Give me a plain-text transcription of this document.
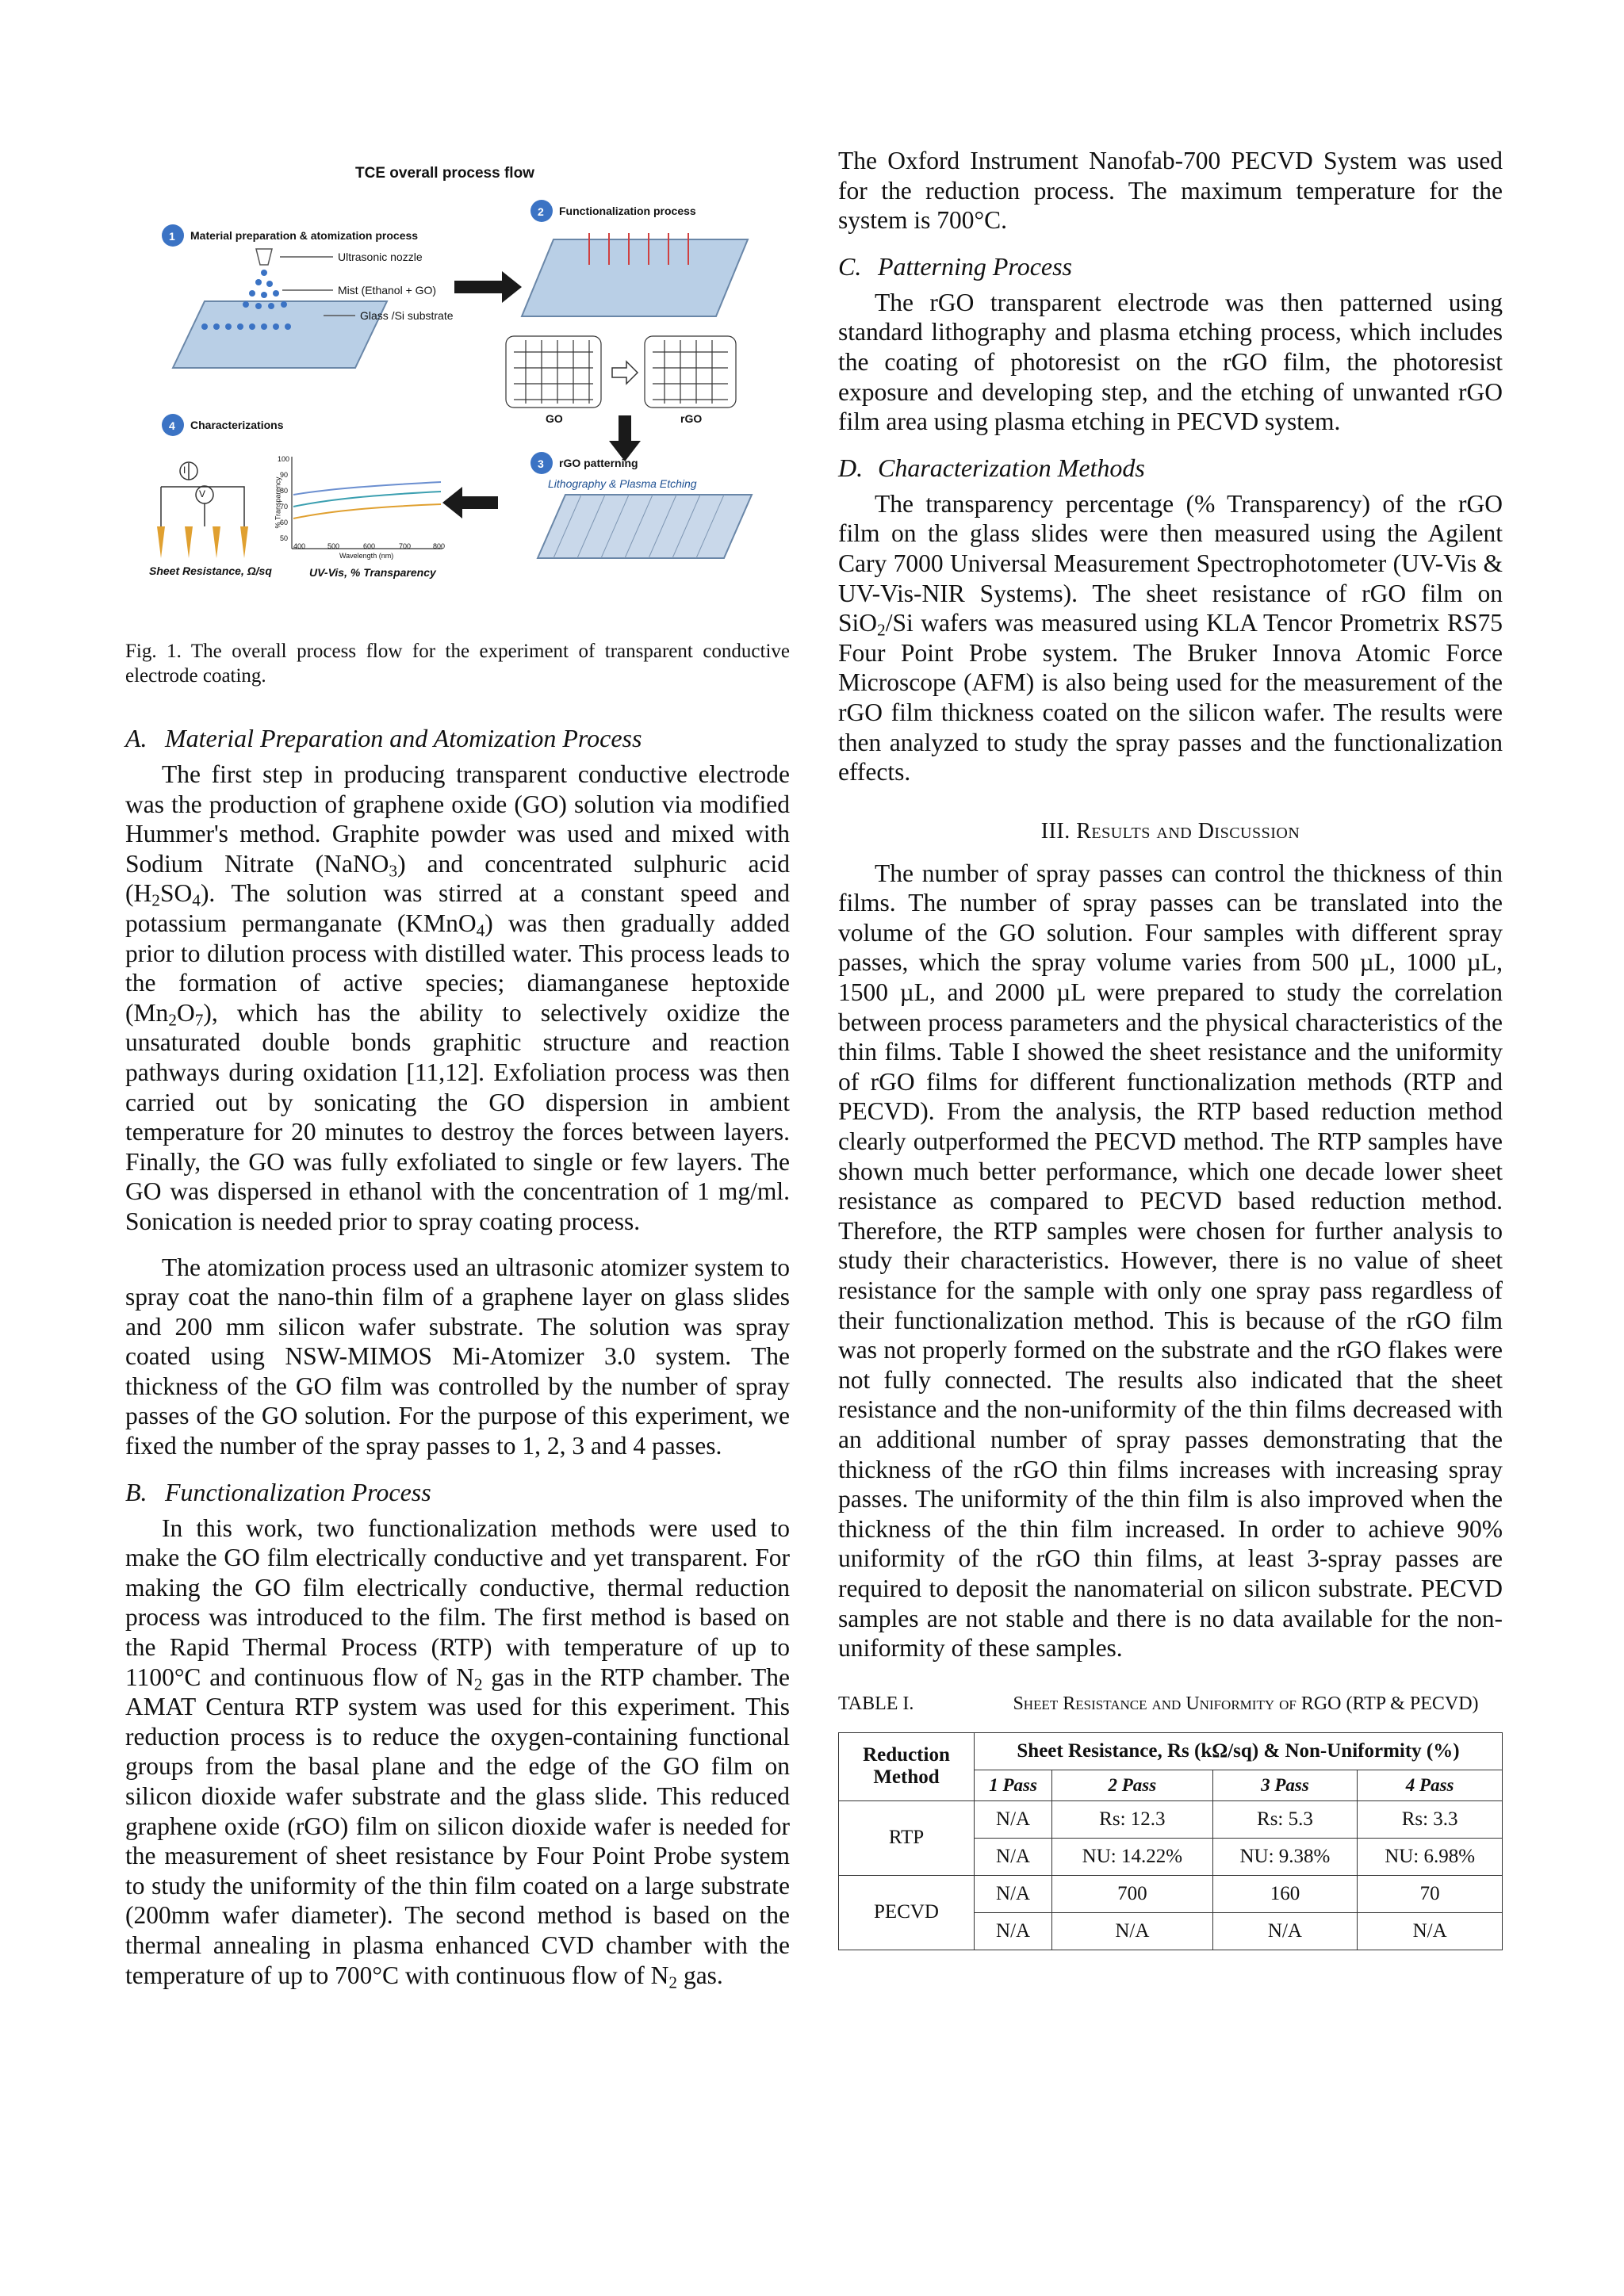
TCE overall process flow
1 Material preparation & atomization process
2 Functionalization process
3 rGO patterning
4 Characterizations
Ultrasonic nozzle
Mist (Ethanol + GO)
Glass /Si substrate
GO	rGO
Lithography & Plasma Etching
I
V
Sheet Resistance, Ω/sq	UV-Vis, % Transparency
Wavelength (nm)
% Transparency
100
90
80
70
60
50
400	500	600	700	800

Fig. 1. The overall process flow for the experiment of transparent conductive electrode coating.

A. Material Preparation and Atomization Process

The first step in producing transparent conductive electrode was the production of graphene oxide (GO) solution via modified Hummer's method. Graphite powder was used and mixed with Sodium Nitrate (NaNO$_3$) and concentrated sulphuric acid $(H_2SO_4)$. The solution was stirred at a constant speed and potassium permanganate (KMnO$_4$) was then gradually added prior to dilution process with distilled water. This process leads to the formation of active species; diamanganese heptoxide $(Mn_2O_7)$, which has the ability to selectively oxidize the unsaturated double bonds graphitic structure and reaction pathways during oxidation [11,12]. Exfoliation process was then carried out by sonicating the GO dispersion in ambient temperature for 20 minutes to destroy the forces between layers. Finally, the GO was fully exfoliated to single or few layers. The GO was dispersed in ethanol with the concentration of 1 mg/ml. Sonication is needed prior to spray coating process.

The atomization process used an ultrasonic atomizer system to spray coat the nano-thin film of a graphene layer on glass slides and 200 mm silicon wafer substrate. The solution was spray coated using NSW-MIMOS Mi-Atomizer 3.0 system. The thickness of the GO film was controlled by the number of spray passes of the GO solution. For the purpose of this experiment, we fixed the number of the spray passes to 1, 2, 3 and 4 passes.

B. Functionalization Process

In this work, two functionalization methods were used to make the GO film electrically conductive and yet transparent. For making the GO film electrically conductive, thermal reduction process was introduced to the film. The first method is based on the Rapid Thermal Process (RTP) with temperature of up to 1100°C and continuous flow of $N_2$ gas in the RTP chamber. The AMAT Centura RTP system was used for this experiment. This reduction process is to reduce the oxygen-containing functional groups from the basal plane and the edge of the GO film on silicon dioxide wafer substrate and the glass slide. This reduced graphene oxide (rGO) film on silicon dioxide wafer is needed for the measurement of sheet resistance by Four Point Probe system to study the uniformity of the thin film coated on a large substrate (200mm wafer diameter). The second method is based on the thermal annealing in plasma enhanced CVD chamber with the temperature of up to 700°C with continuous flow of $N_2$ gas.

The Oxford Instrument Nanofab-700 PECVD System was used for the reduction process. The maximum temperature for the system is 700°C.

C. Patterning Process

The rGO transparent electrode was then patterned using standard lithography and plasma etching process, which includes the coating of photoresist on the rGO film, the photoresist exposure and developing step, and the etching of unwanted rGO film area using plasma etching in PECVD system.

D. Characterization Methods

The transparency percentage (% Transparency) of the rGO film on the glass slides were then measured using the Agilent Cary 7000 Universal Measurement Spectrophotometer (UV-Vis & UV-Vis-NIR Systems). The sheet resistance of rGO film on SiO$_2$/Si wafers was measured using KLA Tencor Prometrix RS75 Four Point Probe system. The Bruker Innova Atomic Force Microscope (AFM) is also being used for the measurement of the rGO film thickness coated on the silicon wafer. The results were then analyzed to study the spray passes and the functionalization effects.

III. Results and Discussion

The number of spray passes can control the thickness of thin films. The number of spray passes can be translated into the volume of the GO solution. Four samples with different spray passes, which the spray volume varies from 500 µL, 1000 µL, 1500 µL, and 2000 µL were prepared to study the correlation between process parameters and the physical characteristics of the thin films. Table I showed the sheet resistance and the uniformity of rGO films for different functionalization methods (RTP and PECVD). From the analysis, the RTP based reduction method clearly outperformed the PECVD method. The RTP samples have shown much better performance, which one decade lower sheet resistance as compared to PECVD based reduction method. Therefore, the RTP samples were chosen for further analysis to study their characteristics. However, there is no value of sheet resistance for the sample with only one spray pass regardless of their functionalization method. This is because of the rGO film was not properly formed on the substrate and the rGO flakes were not fully connected. The results also indicated that the sheet resistance and the non-uniformity of the thin films decreased with an additional number of spray passes demonstrating that the thickness of the rGO thin films increases with increasing spray passes. The uniformity of the thin film is also improved when the thickness of the thin film increased. In order to achieve 90% uniformity of the rGO thin films, at least 3-spray passes are required to deposit the nanomaterial on silicon substrate. PECVD samples are not stable and there is no data available for the non-uniformity of these samples.

TABLE I.	Sheet Resistance and Uniformity of RGO (RTP & PECVD)
Reduction Method	Sheet Resistance, Rs (kΩ/sq) & Non-Uniformity (%)			
	1 Pass	2 Pass	3 Pass	4 Pass
RTP	N/A	Rs: 12.3	Rs: 5.3	Rs: 3.3
	N/A	NU: 14.22%	NU: 9.38%	NU: 6.98%
PECVD	N/A	700	160	70
	N/A	N/A	N/A	N/A
